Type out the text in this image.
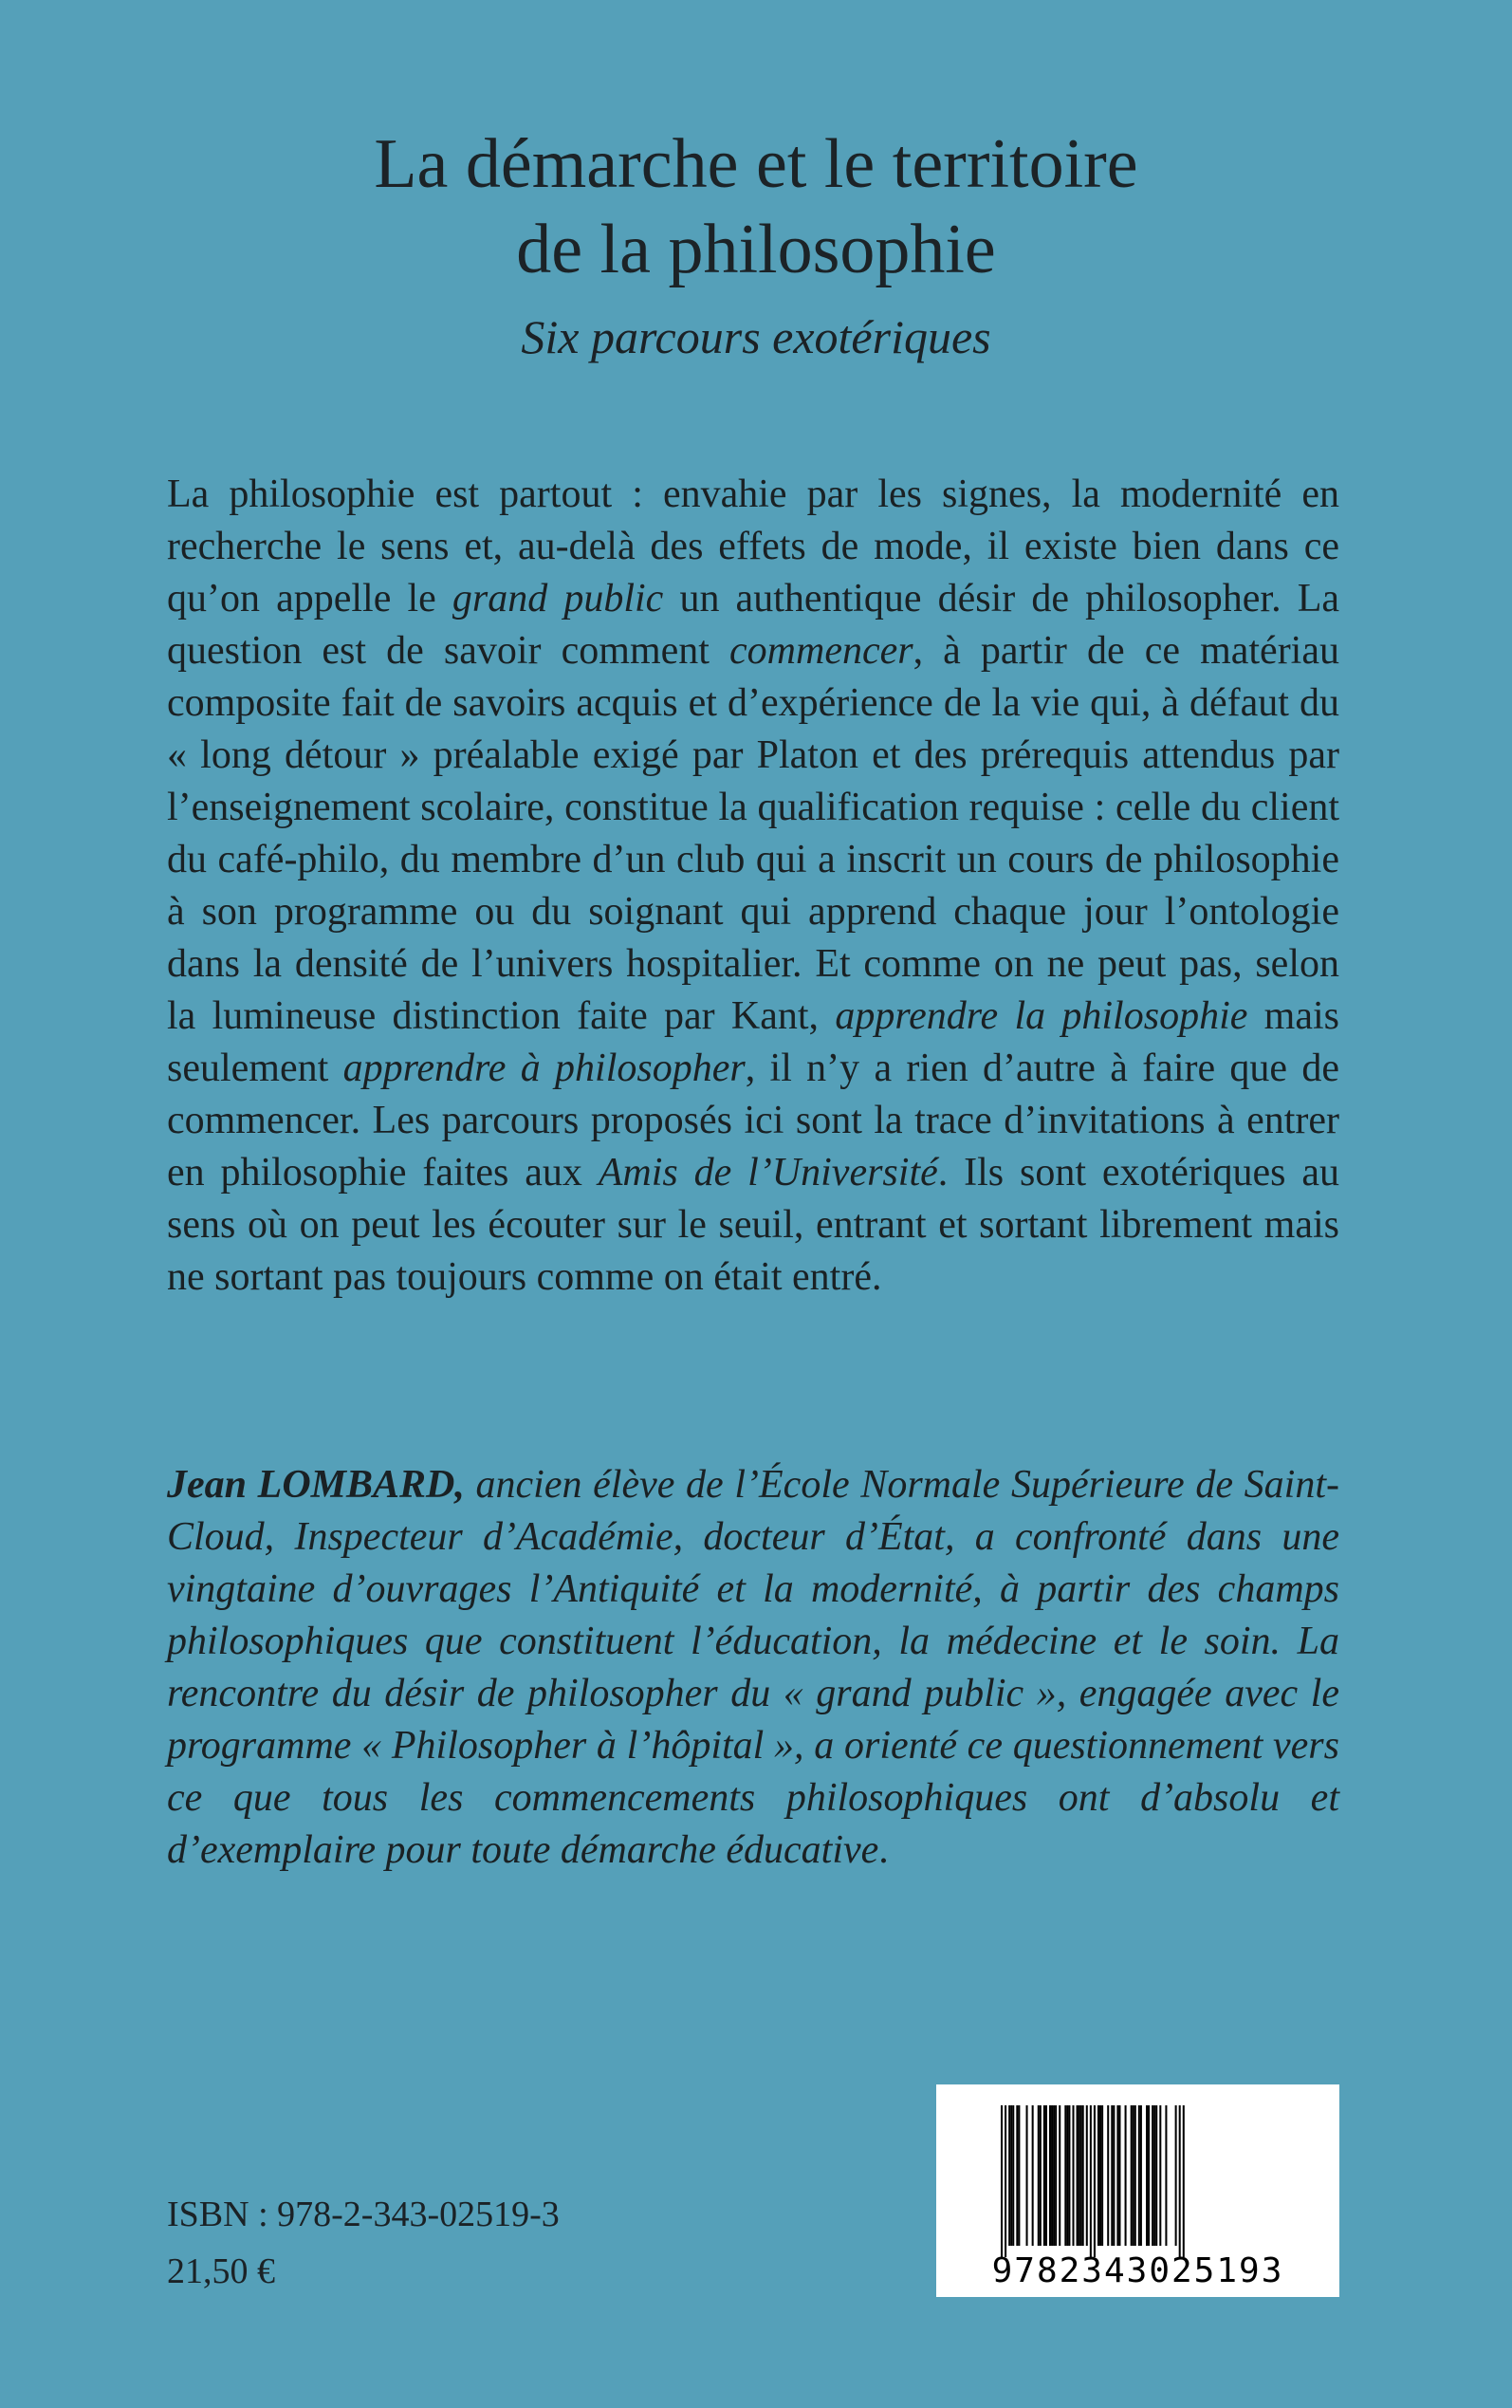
La démarche et le territoire
de la philosophie

Six parcours exotériques

La philosophie est partout : envahie par les signes, la modernité en recherche le sens et, au-delà des effets de mode, il existe bien dans ce qu’on appelle le grand public un authentique désir de philosopher. La question est de savoir comment commencer, à partir de ce matériau composite fait de savoirs acquis et d’expérience de la vie qui, à défaut du « long détour » préalable exigé par Platon et des prérequis attendus par l’enseignement scolaire, constitue la qualification requise : celle du client du café-philo, du membre d’un club qui a inscrit un cours de philosophie à son programme ou du soignant qui apprend chaque jour l’ontologie dans la densité de l’univers hospitalier. Et comme on ne peut pas, selon la lumineuse distinction faite par Kant, apprendre la philosophie mais seulement apprendre à philosopher, il n’y a rien d’autre à faire que de commencer. Les parcours proposés ici sont la trace d’invitations à entrer en philosophie faites aux Amis de l’Université. Ils sont exotériques au sens où on peut les écouter sur le seuil, entrant et sortant librement mais ne sortant pas toujours comme on était entré.

Jean LOMBARD, ancien élève de l’École Normale Supérieure de Saint-Cloud, Inspecteur d’Académie, docteur d’État, a confronté dans une vingtaine d’ouvrages l’Antiquité et la modernité, à partir des champs philosophiques que constituent l’éducation, la médecine et le soin. La rencontre du désir de philosopher du « grand public », engagée avec le programme « Philosopher à l’hôpital », a orienté ce questionnement vers ce que tous les commencements philosophiques ont d’absolu et d’exemplaire pour toute démarche éducative.

ISBN : 978-2-343-02519-3

21,50 €	9782343025193
